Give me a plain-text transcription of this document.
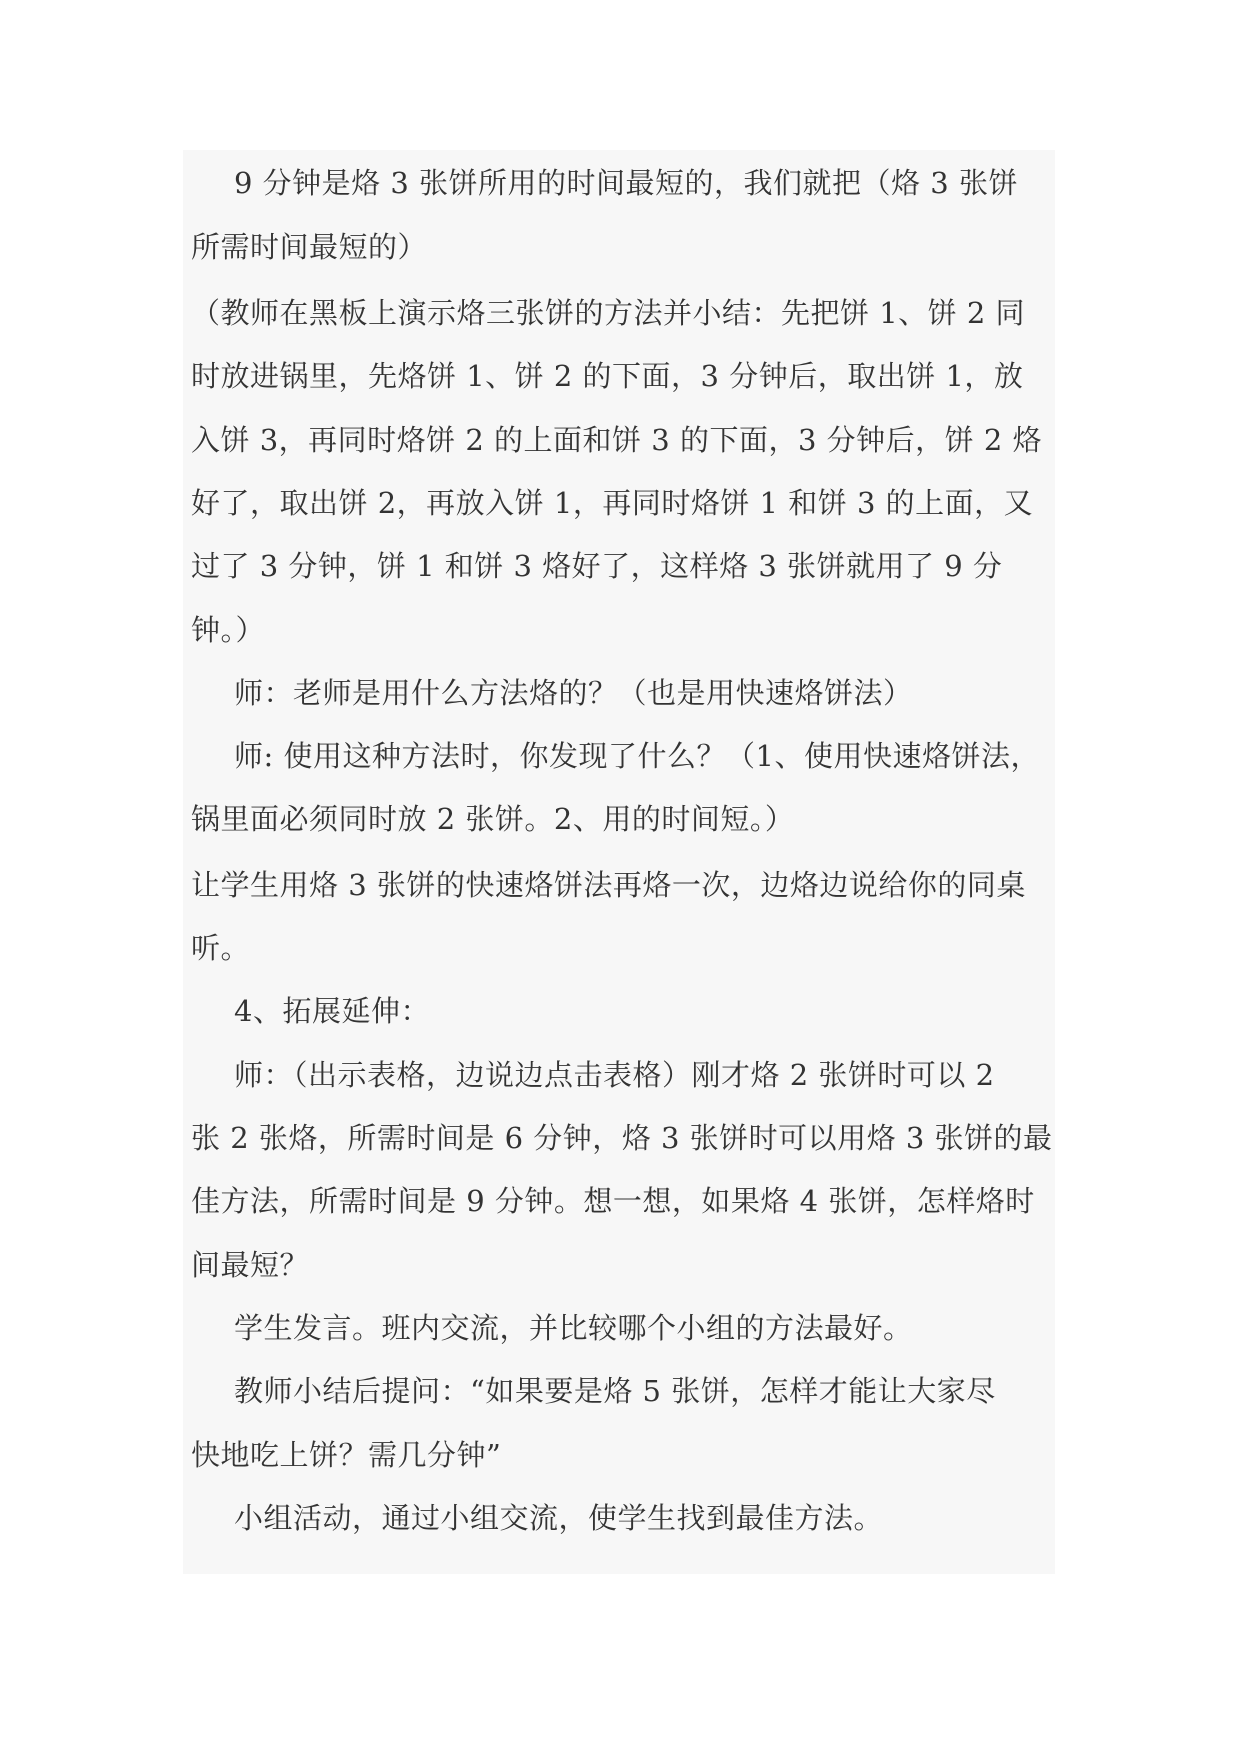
9 分钟是烙 3 张饼所用的时间最短的，我们就把（烙 3 张饼
所需时间最短的）
（教师在黑板上演示烙三张饼的方法并小结：先把饼 1、饼 2 同
时放进锅里，先烙饼 1、饼 2 的下面，3 分钟后，取出饼 1，放
入饼 3，再同时烙饼 2 的上面和饼 3 的下面，3 分钟后，饼 2 烙
好了，取出饼 2，再放入饼 1，再同时烙饼 1 和饼 3 的上面，又
过了 3 分钟，饼 1 和饼 3 烙好了，这样烙 3 张饼就用了 9 分
钟。）
师：老师是用什么方法烙的？（也是用快速烙饼法）
师: 使用这种方法时，你发现了什么？（1、使用快速烙饼法，
锅里面必须同时放 2 张饼。2、用的时间短。）
让学生用烙 3 张饼的快速烙饼法再烙一次，边烙边说给你的同桌
听。
4、拓展延伸：
师：（出示表格，边说边点击表格）刚才烙 2 张饼时可以 2
张 2 张烙，所需时间是 6 分钟，烙 3 张饼时可以用烙 3 张饼的最
佳方法，所需时间是 9 分钟。想一想，如果烙 4 张饼，怎样烙时
间最短？
学生发言。班内交流，并比较哪个小组的方法最好。
教师小结后提问：“如果要是烙 5 张饼，怎样才能让大家尽
快地吃上饼？需几分钟”
小组活动，通过小组交流，使学生找到最佳方法。
